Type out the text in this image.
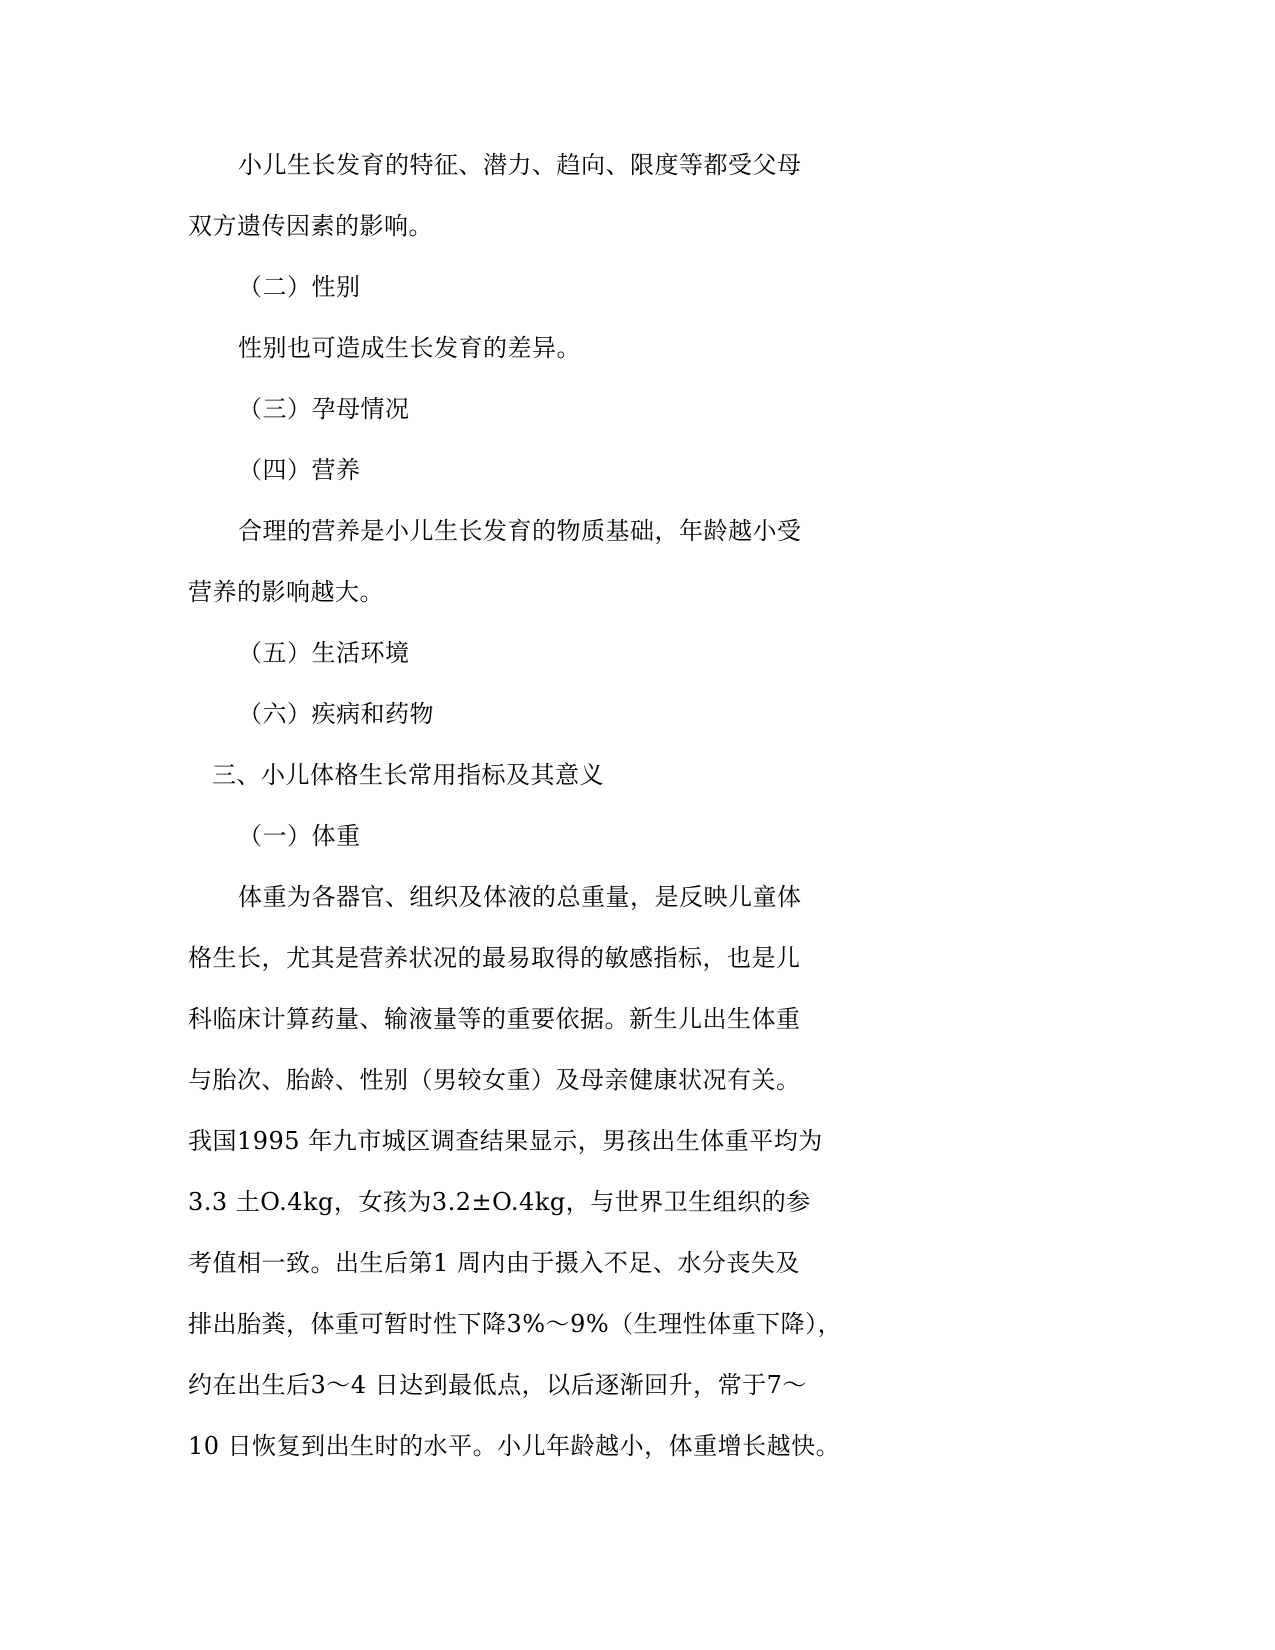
小儿生长发育的特征、潜力、趋向、限度等都受父母
双方遗传因素的影响。
（二）性别
性别也可造成生长发育的差异。
（三）孕母情况
（四）营养
合理的营养是小儿生长发育的物质基础，年龄越小受
营养的影响越大。
（五）生活环境
（六）疾病和药物
三、小儿体格生长常用指标及其意义
（一）体重
体重为各器官、组织及体液的总重量，是反映儿童体
格生长，尤其是营养状况的最易取得的敏感指标，也是儿
科临床计算药量、输液量等的重要依据。新生儿出生体重
与胎次、胎龄、性别（男较女重）及母亲健康状况有关。
我国1995 年九市城区调查结果显示，男孩出生体重平均为
3.3 土O.4kg，女孩为3.2±O.4kg，与世界卫生组织的参
考值相一致。出生后第1 周内由于摄入不足、水分丧失及
排出胎粪，体重可暂时性下降3%～9%（生理性体重下降），
约在出生后3～4 日达到最低点，以后逐渐回升，常于7～
10 日恢复到出生时的水平。小儿年龄越小，体重增长越快。
